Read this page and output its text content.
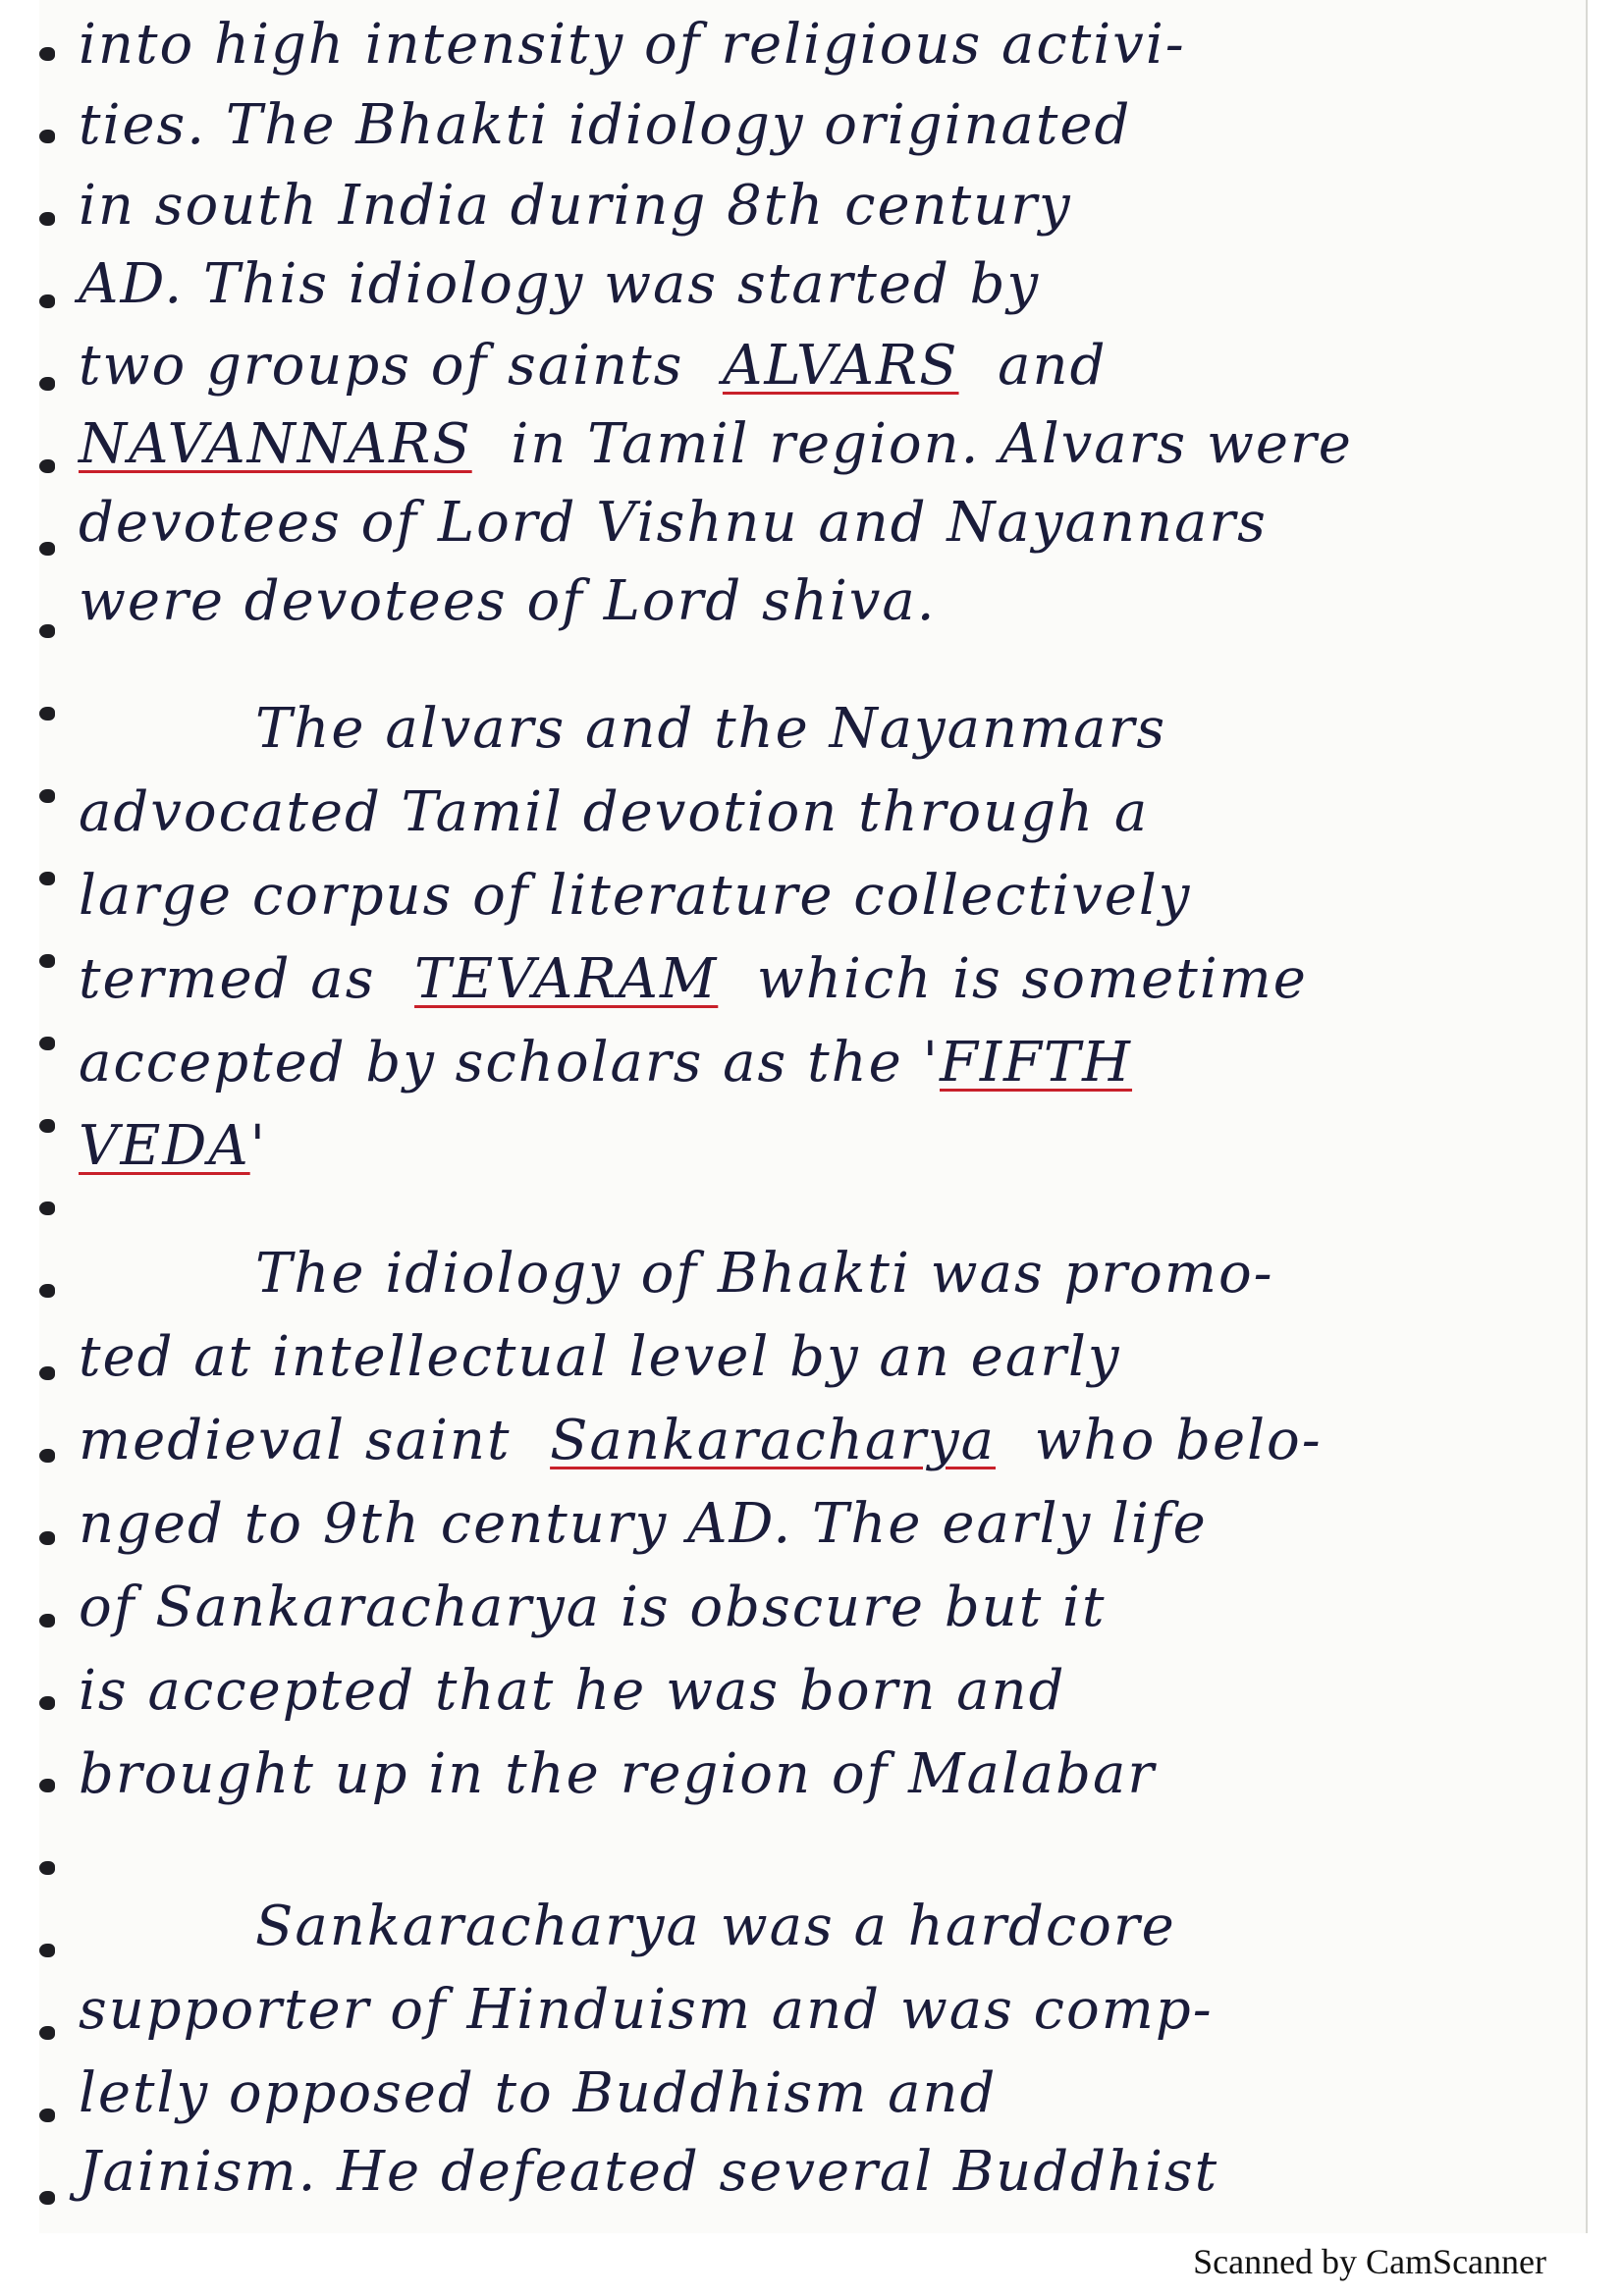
into high intensity of religious activi-
ties. The Bhakti idiology originated
in south India during 8th century
AD. This idiology was started by
two groups of saints ALVARS and
NAVANNARS in Tamil region. Alvars were
devotees of Lord Vishnu and Nayannars
were devotees of Lord shiva.
The alvars and the Nayanmars
advocated Tamil devotion through a
large corpus of literature collectively
termed as TEVARAM which is sometime
accepted by scholars as the 'FIFTH
VEDA'
The idiology of Bhakti was promo-
ted at intellectual level by an early
medieval saint Sankaracharya who belo-
nged to 9th century AD. The early life
of Sankaracharya is obscure but it
is accepted that he was born and
brought up in the region of Malabar
Sankaracharya was a hardcore
supporter of Hinduism and was comp-
letly opposed to Buddhism and
Jainism. He defeated several Buddhist
Scanned by CamScanner
